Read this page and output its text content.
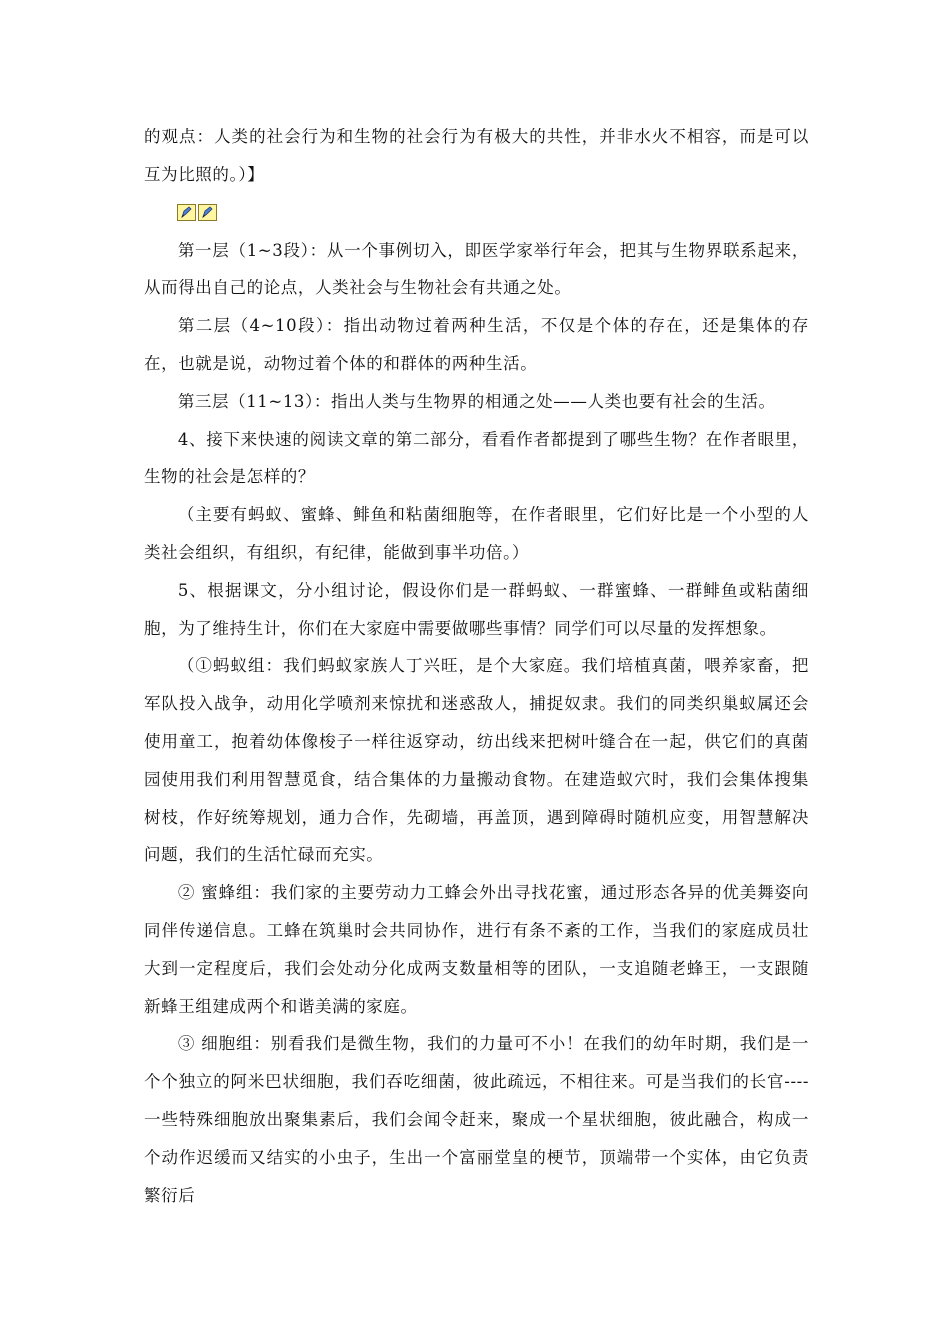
的观点：人类的社会行为和生物的社会行为有极大的共性，并非水火不相容，而是可以互为比照的。）】

第一层（1~3段）：从一个事例切入，即医学家举行年会，把其与生物界联系起来，从而得出自己的论点，人类社会与生物社会有共通之处。

第二层（4~10段）：指出动物过着两种生活，不仅是个体的存在，还是集体的存在，也就是说，动物过着个体的和群体的两种生活。

第三层（11~13）：指出人类与生物界的相通之处——人类也要有社会的生活。

4、接下来快速的阅读文章的第二部分，看看作者都提到了哪些生物？在作者眼里，生物的社会是怎样的？

（主要有蚂蚁、蜜蜂、鲱鱼和粘菌细胞等，在作者眼里，它们好比是一个小型的人类社会组织，有组织，有纪律，能做到事半功倍。）

5、根据课文，分小组讨论，假设你们是一群蚂蚁、一群蜜蜂、一群鲱鱼或粘菌细胞，为了维持生计，你们在大家庭中需要做哪些事情？同学们可以尽量的发挥想象。

（①蚂蚁组：我们蚂蚁家族人丁兴旺，是个大家庭。我们培植真菌，喂养家畜，把军队投入战争，动用化学喷剂来惊扰和迷惑敌人，捕捉奴隶。我们的同类织巢蚁属还会使用童工，抱着幼体像梭子一样往返穿动，纺出线来把树叶缝合在一起，供它们的真菌园使用我们利用智慧觅食，结合集体的力量搬动食物。在建造蚁穴时，我们会集体搜集树枝，作好统筹规划，通力合作，先砌墙，再盖顶，遇到障碍时随机应变，用智慧解决问题，我们的生活忙碌而充实。

② 蜜蜂组：我们家的主要劳动力工蜂会外出寻找花蜜，通过形态各异的优美舞姿向同伴传递信息。工蜂在筑巢时会共同协作，进行有条不紊的工作，当我们的家庭成员壮大到一定程度后，我们会处动分化成两支数量相等的团队，一支追随老蜂王，一支跟随新蜂王组建成两个和谐美满的家庭。

③ 细胞组：别看我们是微生物，我们的力量可不小！在我们的幼年时期，我们是一个个独立的阿米巴状细胞，我们吞吃细菌，彼此疏远，不相往来。可是当我们的长官----一些特殊细胞放出聚集素后，我们会闻令赶来，聚成一个星状细胞，彼此融合，构成一个动作迟缓而又结实的小虫子，生出一个富丽堂皇的梗节，顶端带一个实体，由它负责繁衍后
